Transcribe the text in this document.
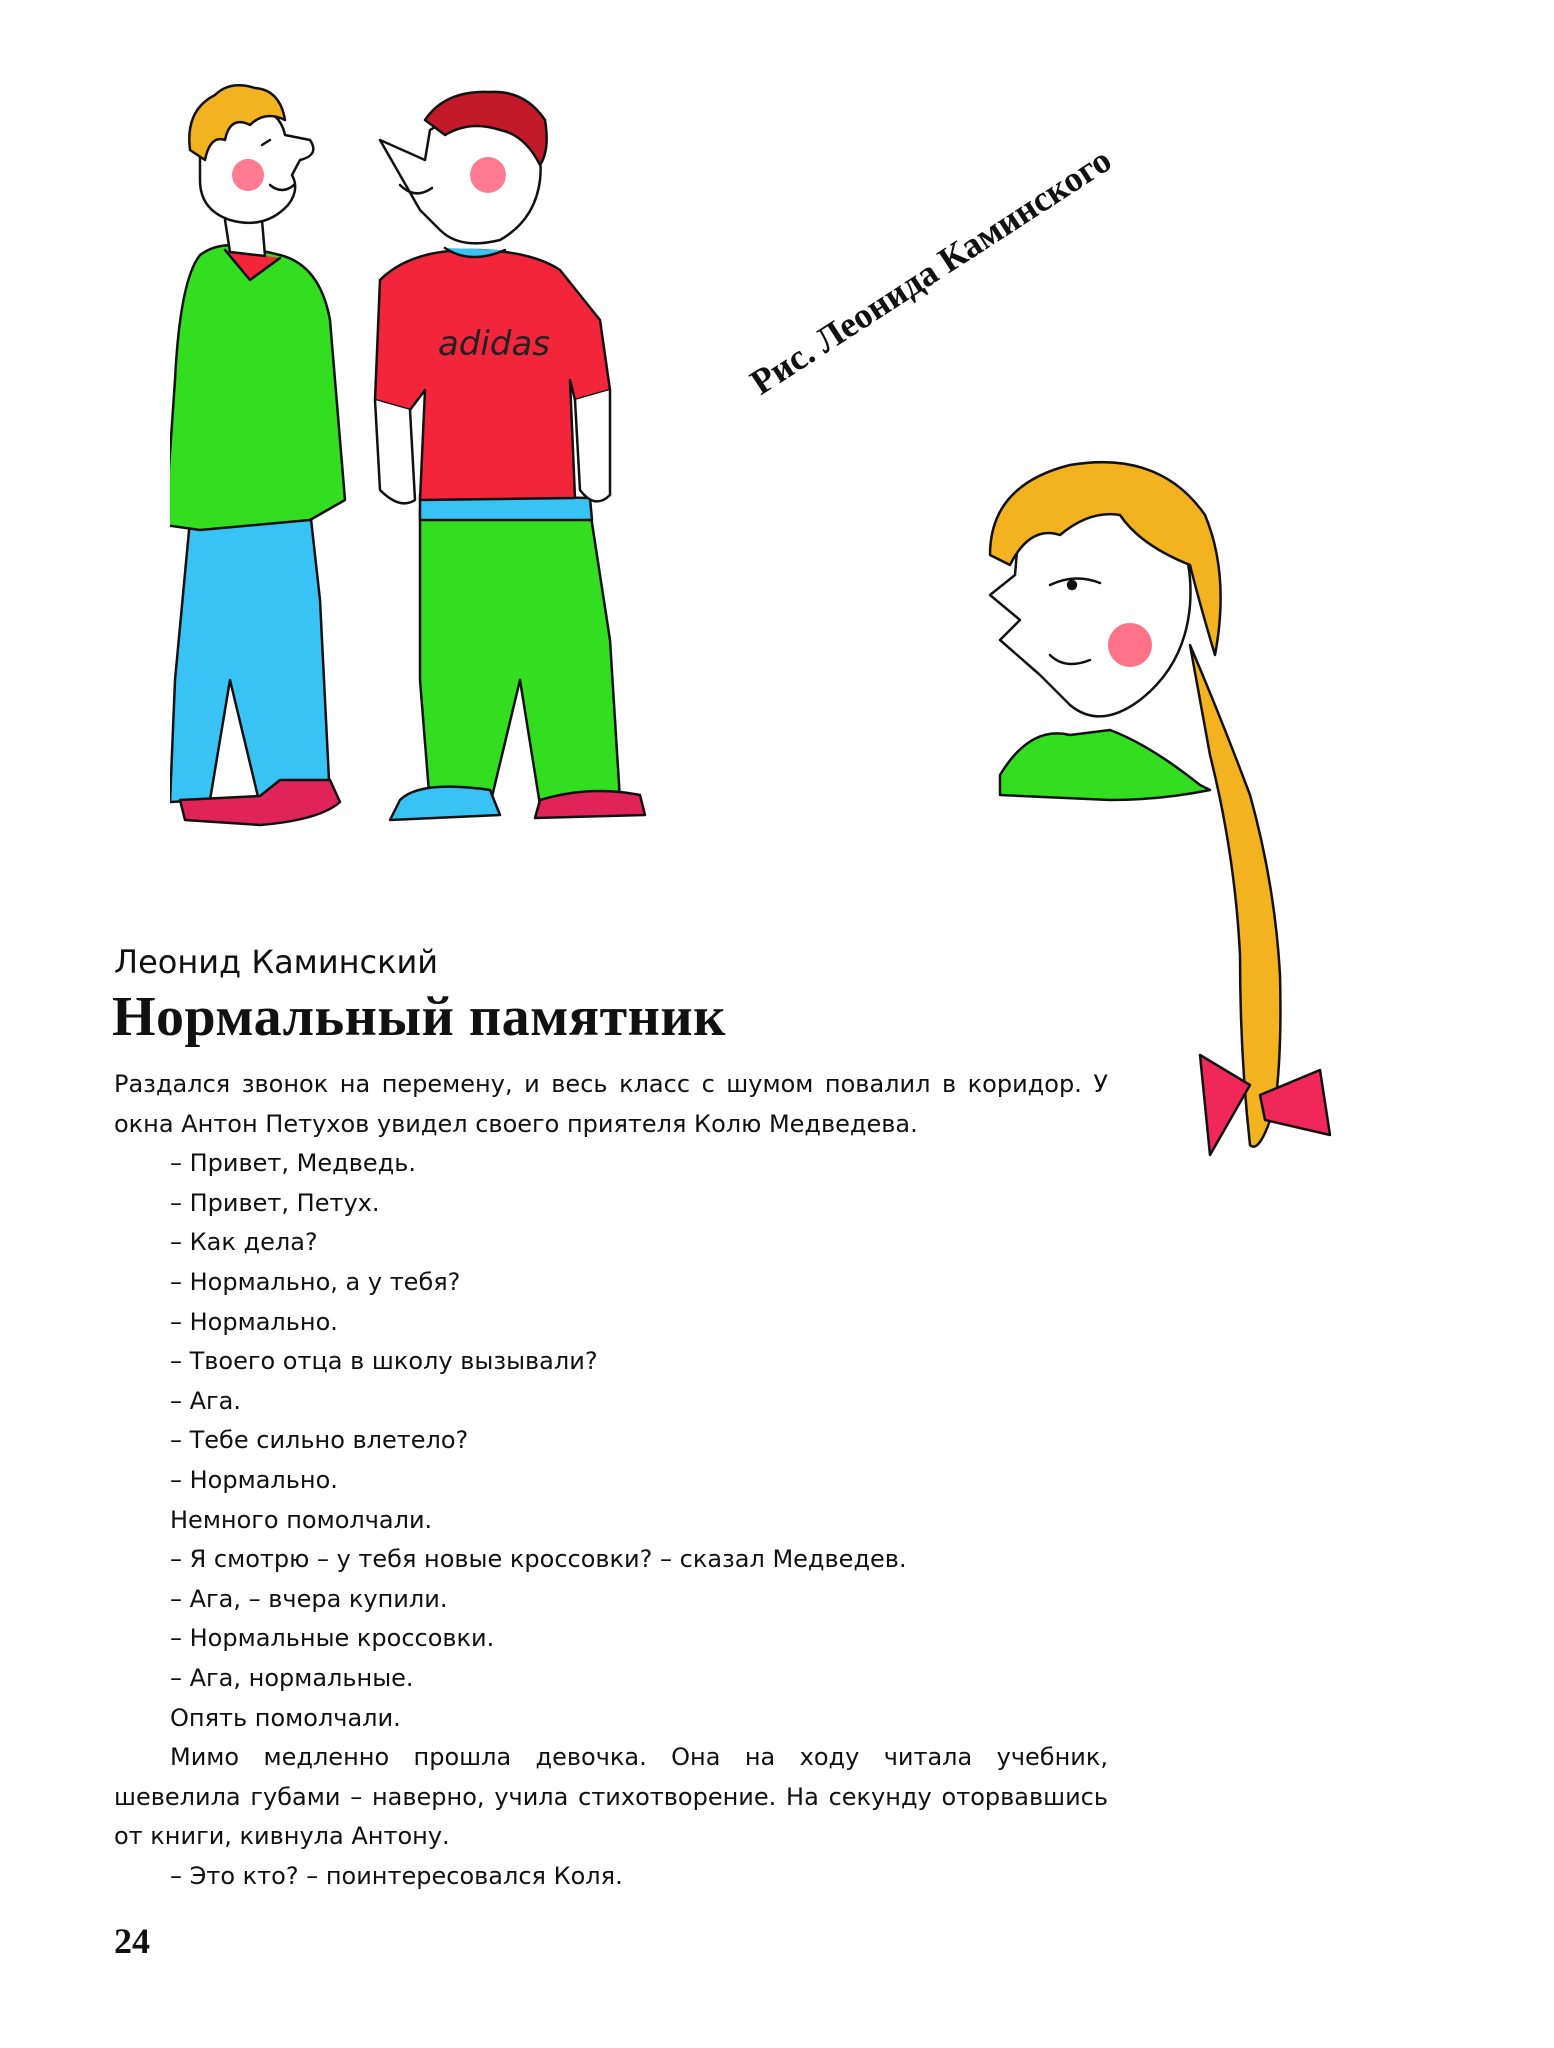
adidas	Рис. Леонида Каминского
Леонид Каминский
Нормальный памятник

Раздался звонок на перемену, и весь класс с шумом повалил в коридор. У окна Антон Петухов увидел своего приятеля Колю Медведева.

– Привет, Медведь.

– Привет, Петух.

– Как дела?

– Нормально, а у тебя?

– Нормально.

– Твоего отца в школу вызывали?

– Ага.

– Тебе сильно влетело?

– Нормально.

Немного помолчали.

– Я смотрю – у тебя новые кроссовки? – сказал Медведев.

– Ага, – вчера купили.

– Нормальные кроссовки.

– Ага, нормальные.

Опять помолчали.

Мимо медленно прошла девочка. Она на ходу читала учебник, шевелила губами – наверно, учила стихотворение. На секунду оторвавшись от книги, кивнула Антону.

– Это кто? – поинтересовался Коля.

24
